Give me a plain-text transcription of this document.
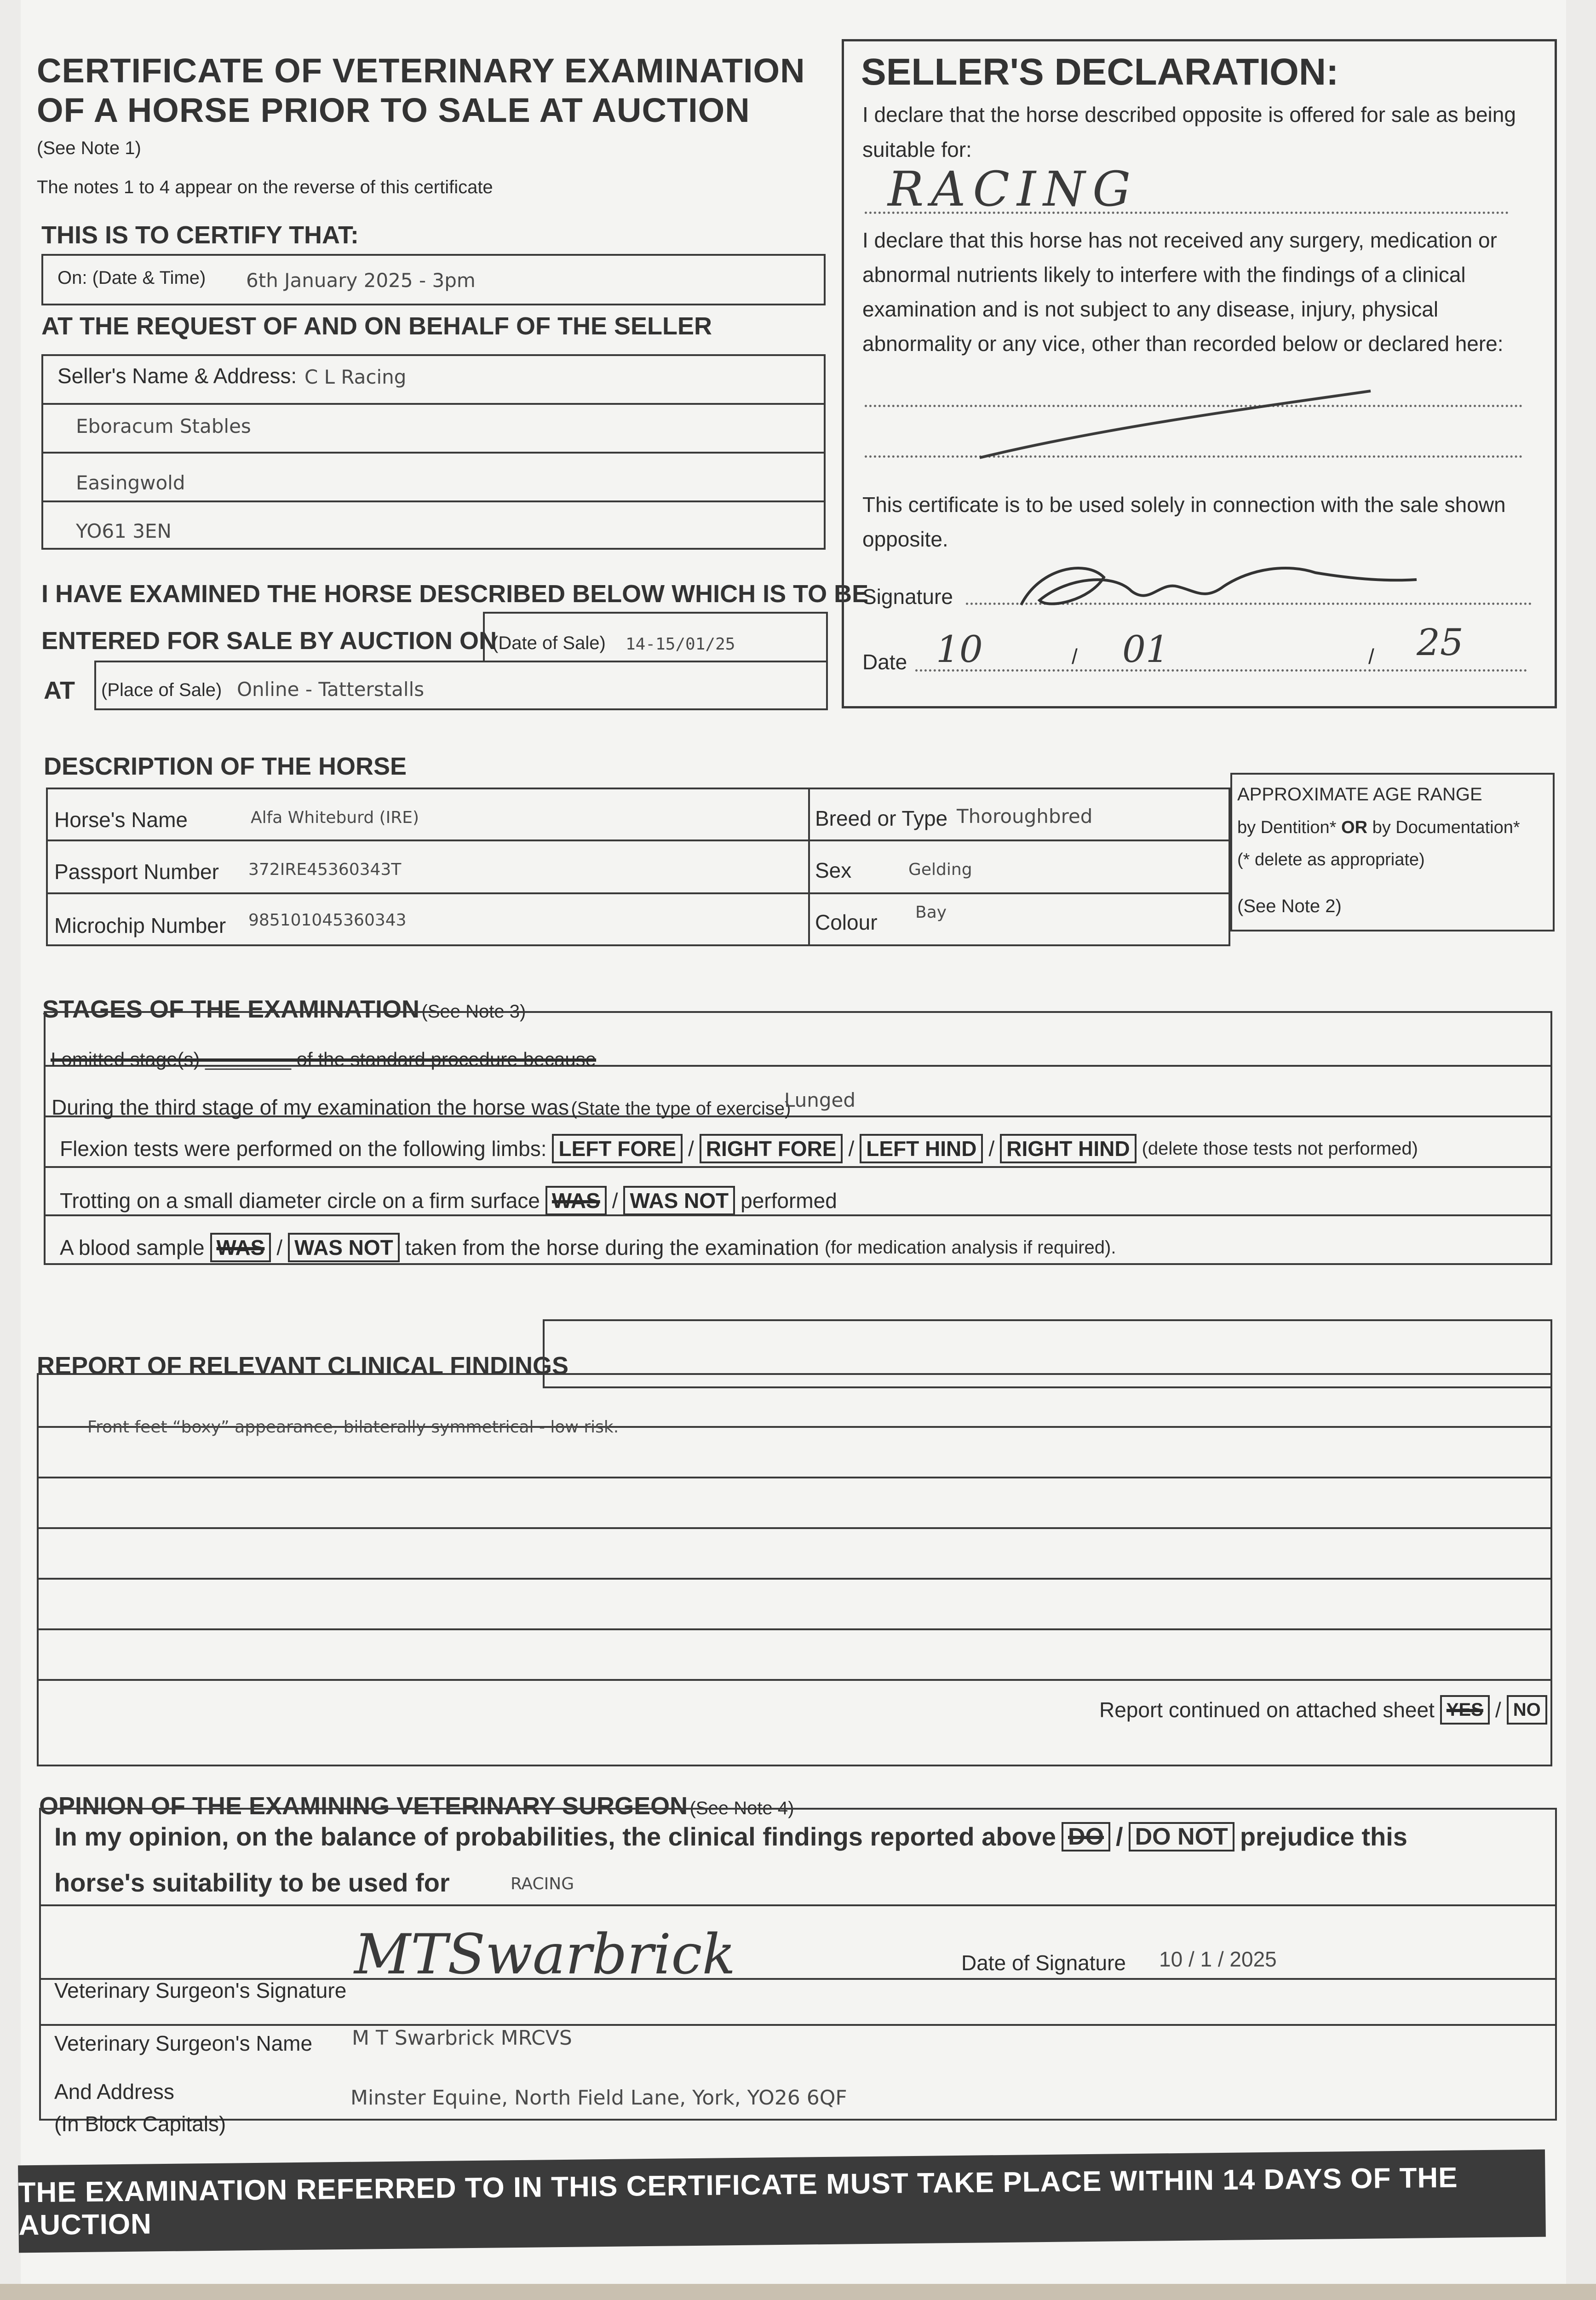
CERTIFICATE OF VETERINARY EXAMINATION
OF A HORSE PRIOR TO SALE AT AUCTION
(See Note 1)
The notes 1 to 4 appear on the reverse of this certificate
THIS IS TO CERTIFY THAT:
On: (Date & Time) 6th January 2025 - 3pm
AT THE REQUEST OF AND ON BEHALF OF THE SELLER
Seller's Name & Address: C L Racing
Eboracum Stables
Easingwold
YO61 3EN
I HAVE EXAMINED THE HORSE DESCRIBED BELOW WHICH IS TO BE
ENTERED FOR SALE BY AUCTION ON
(Date of Sale) 14-15/01/25
AT (Place of Sale) Online - Tatterstalls
SELLER'S DECLARATION:
I declare that the horse described opposite is offered for sale as being
suitable for:
RACING
I declare that this horse has not received any surgery, medication or
abnormal nutrients likely to interfere with the findings of a clinical
examination and is not subject to any disease, injury, physical
abnormality or any vice, other than recorded below or declared here:
This certificate is to be used solely in connection with the sale shown
opposite.
Signature
Date 10	01	25
/	/
DESCRIPTION OF THE HORSE
Horse's Name	Alfa Whiteburd (IRE)
Passport Number 372IRE45360343T
Microchip Number 985101045360343
Breed or Type Thoroughbred
Sex	Gelding
Colour Bay
APPROXIMATE AGE RANGE
by Dentition* OR by Documentation*
(* delete as appropriate)
(See Note 2)
STAGES OF THE EXAMINATION (See Note 3)
I omitted stage(s) ________ of the standard procedure because
During the third stage of my examination the horse was (State the type of exercise)
Lunged
Flexion tests were performed on the following limbs: LEFT FORE / RIGHT FORE / LEFT HIND / RIGHT HIND (delete those tests not performed)
Trotting on a small diameter circle on a firm surface WAS / WAS NOT performed
A blood sample WAS / WAS NOT taken from the horse during the examination (for medication analysis if required).
REPORT OF RELEVANT CLINICAL FINDINGS
Front feet “boxy” appearance, bilaterally symmetrical - low risk.
Report continued on attached sheet YES / NO
OPINION OF THE EXAMINING VETERINARY SURGEON (See Note 4)
In my opinion, on the balance of probabilities, the clinical findings reported above DO / DO NOT prejudice this
horse's suitability to be used for	RACING
Veterinary Surgeon's Signature
MTSwarbrick	Date of Signature 10 / 1 / 2025
Veterinary Surgeon's Name M T Swarbrick MRCVS
And Address
(In Block Capitals)
Minster Equine, North Field Lane, York, YO26 6QF
THE EXAMINATION REFERRED TO IN THIS CERTIFICATE MUST TAKE PLACE WITHIN 14 DAYS OF THE AUCTION
